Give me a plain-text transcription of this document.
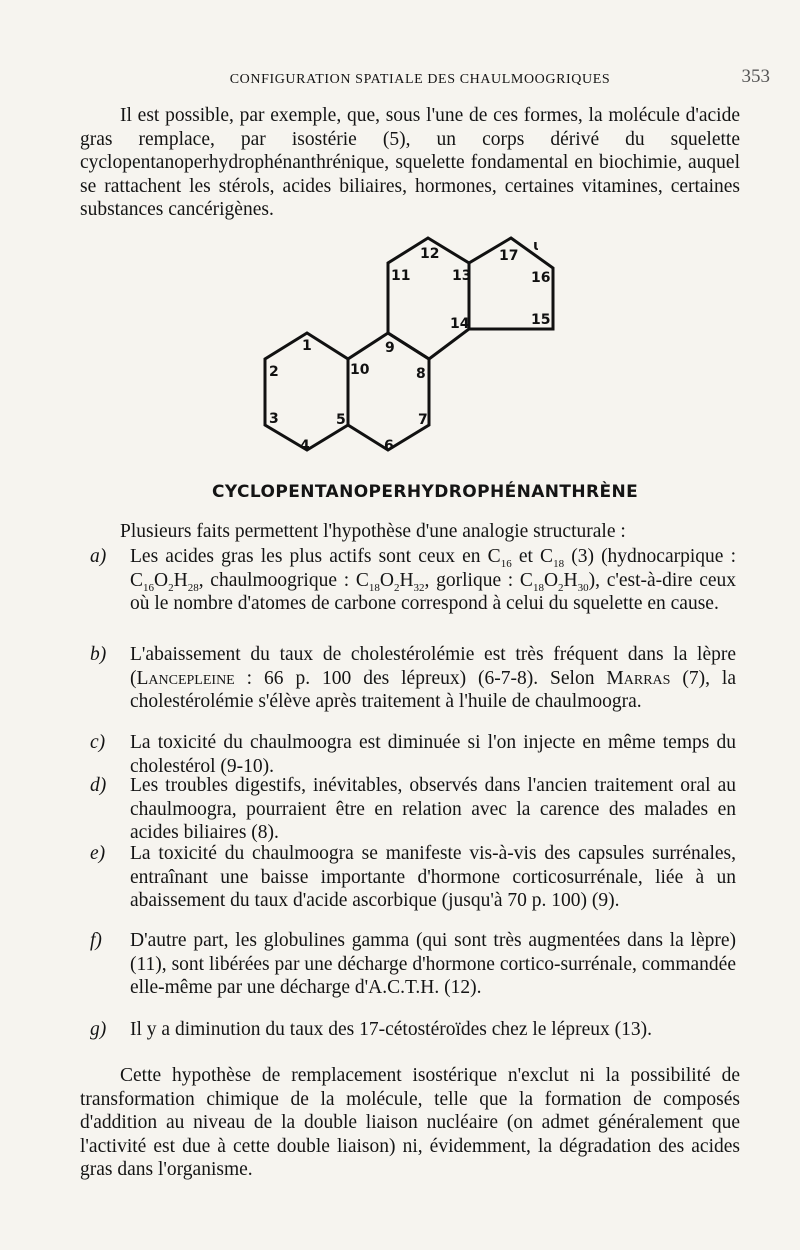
CONFIGURATION SPATIALE DES CHAULMOOGRIQUES	353

Il est possible, par exemple, que, sous l'une de ces formes, la molécule d'acide gras remplace, par isostérie (5), un corps dérivé du squelette cyclopentanoperhydrophénanthrénique, squelette fondamental en biochimie, auquel se rattachent les stérols, acides biliaires, hormones, certaines vitamines, certaines substances cancérigènes.

1
2
3
4
5
6
7
8
9
10
11
12
13
14	15
16
17
ɩ
CYCLOPENTANOPERHYDROPHÉNANTHRÈNE

Plusieurs faits permettent l'hypothèse d'une analogie structurale :

a) Les acides gras les plus actifs sont ceux en $C_{16}$ et $C_{18}$ (3) (hydnocarpique : $C_{16}O_2H_{28}$, chaulmoogrique : $C_{18}O_2H_{32}$, gorlique : $C_{18}O_2H_{30}$), c'est-à-dire ceux où le nombre d'atomes de carbone correspond à celui du squelette en cause.

b) L'abaissement du taux de cholestérolémie est très fréquent dans la lèpre (Lancepleine : 66 p. 100 des lépreux) (6-7-8). Selon Marras (7), la cholestérolémie s'élève après traitement à l'huile de chaulmoogra.

c) La toxicité du chaulmoogra est diminuée si l'on injecte en même temps du cholestérol (9-10).

d) Les troubles digestifs, inévitables, observés dans l'ancien traitement oral au chaulmoogra, pourraient être en relation avec la carence des malades en acides biliaires (8).

e) La toxicité du chaulmoogra se manifeste vis-à-vis des capsules surrénales, entraînant une baisse importante d'hormone corticosurrénale, liée à un abaissement du taux d'acide ascorbique (jusqu'à 70 p. 100) (9).

f) D'autre part, les globulines gamma (qui sont très augmentées dans la lèpre) (11), sont libérées par une décharge d'hormone cortico-surrénale, commandée elle-même par une décharge d'A.C.T.H. (12).

g) Il y a diminution du taux des 17-cétostéroïdes chez le lépreux (13).

Cette hypothèse de remplacement isostérique n'exclut ni la possibilité de transformation chimique de la molécule, telle que la formation de composés d'addition au niveau de la double liaison nucléaire (on admet généralement que l'activité est due à cette double liaison) ni, évidemment, la dégradation des acides gras dans l'organisme.
